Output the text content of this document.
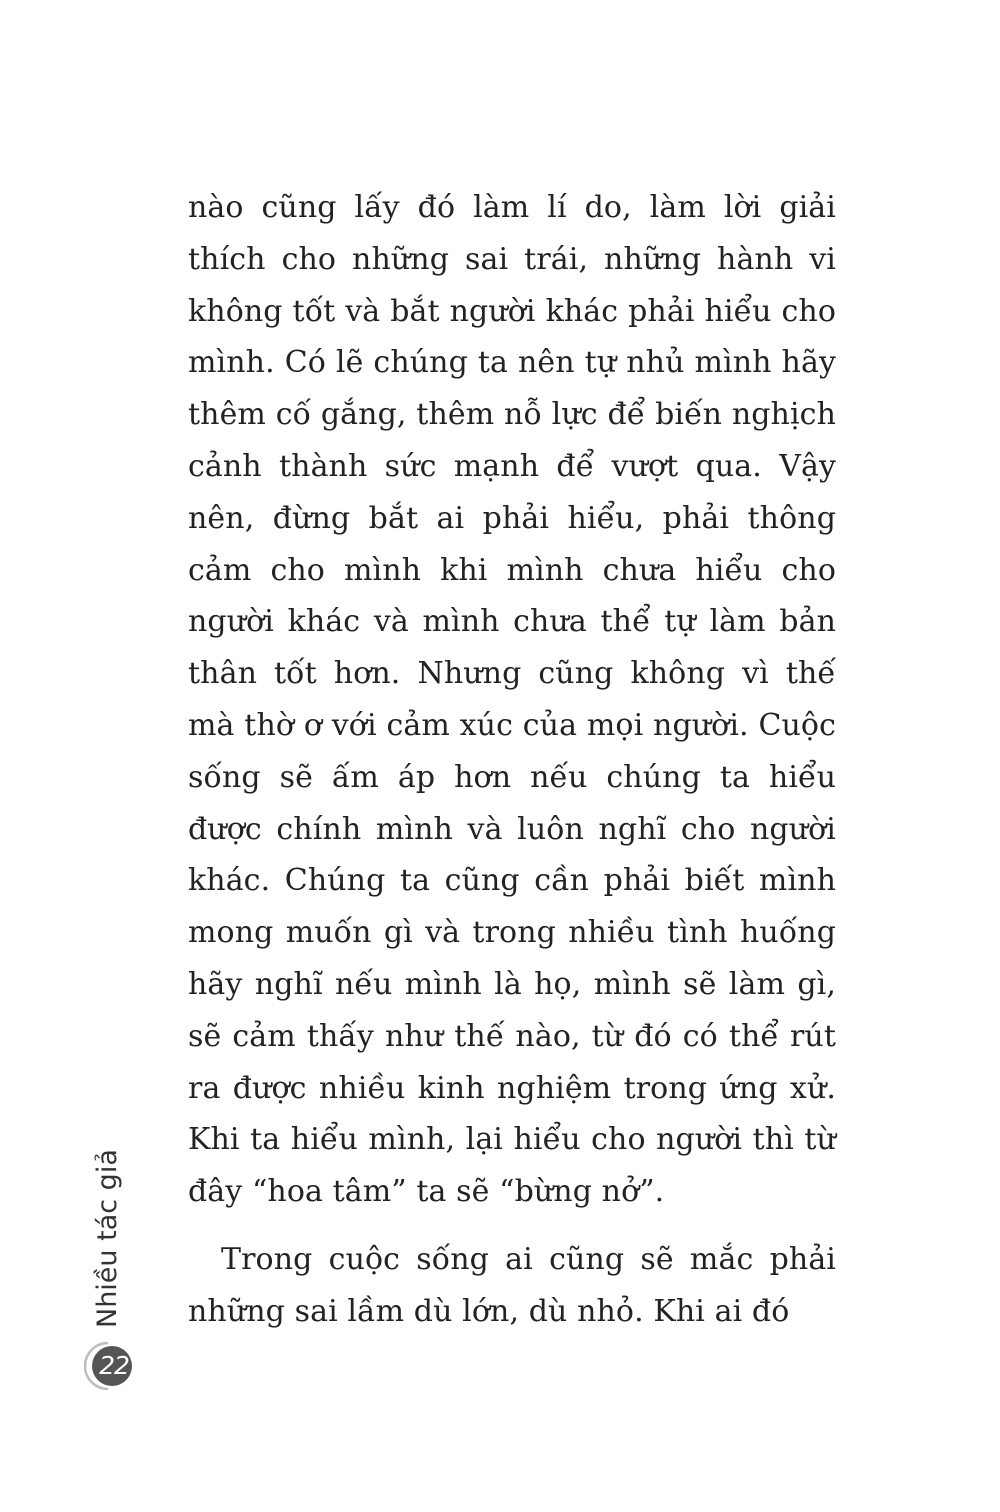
nào cũng lấy đó làm lí do, làm lời giải thích cho những sai trái, những hành vi không tốt và bắt người khác phải hiểu cho mình. Có lẽ chúng ta nên tự nhủ mình hãy thêm cố gắng, thêm nỗ lực để biến nghịch cảnh thành sức mạnh để vượt qua. Vậy nên, đừng bắt ai phải hiểu, phải thông cảm cho mình khi mình chưa hiểu cho người khác và mình chưa thể tự làm bản thân tốt hơn. Nhưng cũng không vì thế mà thờ ơ với cảm xúc của mọi người. Cuộc sống sẽ ấm áp hơn nếu chúng ta hiểu được chính mình và luôn nghĩ cho người khác. Chúng ta cũng cần phải biết mình mong muốn gì và trong nhiều tình huống hãy nghĩ nếu mình là họ, mình sẽ làm gì, sẽ cảm thấy như thế nào, từ đó có thể rút ra được nhiều kinh nghiệm trong ứng xử. Khi ta hiểu mình, lại hiểu cho người thì từ đây “hoa tâm” ta sẽ “bừng nở”.

Trong cuộc sống ai cũng sẽ mắc phải những sai lầm dù lớn, dù nhỏ. Khi ai đó

Nhiều tác giả
22
